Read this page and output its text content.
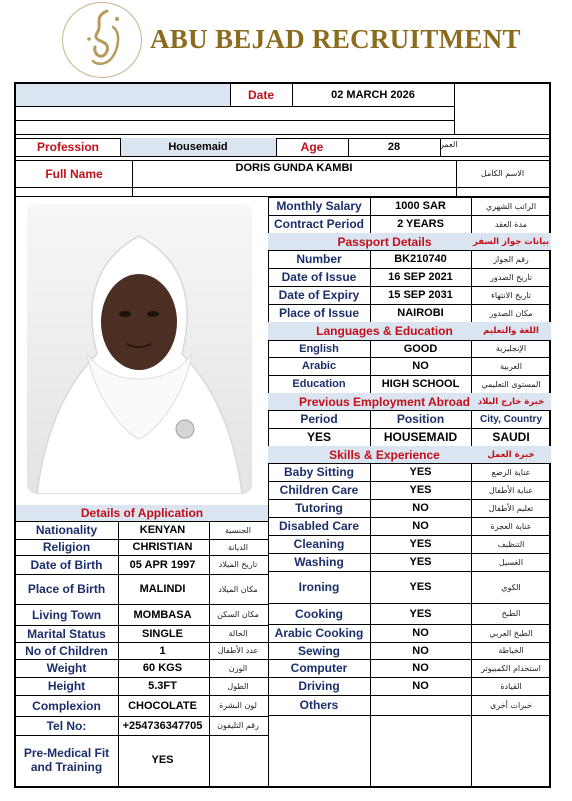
ABU BEJAD RECRUITMENT
Date	02 MARCH 2026
Profession	Housemaid	Age	28	العمر
Full Name	DORIS GUNDA KAMBI	الاسم الكامل
Details of Application
Monthly Salary	1000 SAR	الراتب الشهري
Contract Period	2 YEARS	مدة العقد
Passport Details	بيانات جواز السفر
Number	BK210740	رقم الجواز
Date of Issue	16 SEP 2021	تاريخ الصدور
Date of Expiry	15 SEP 2031	تاريخ الانتهاء
Place of Issue	NAIROBI	مكان الصدور
Languages & Education	اللغة والتعليم
English	GOOD	الإنجليزية
Arabic	NO	العربية
Education	HIGH SCHOOL	المستوى التعليمي
Previous Employment Abroad خبرة خارج البلاد
Period	Position	City, Country
YES	HOUSEMAID	SAUDI
Skills & Experience	خبرة العمل
Baby Sitting	YES	عناية الرضع
Children Care	YES	عناية الأطفال
Tutoring	NO	تعليم الأطفال
Disabled Care	NO	عناية العجزة
Cleaning	YES	التنظيف
Washing	YES	الغسيل
Ironing	YES	الكوي
Cooking	YES	الطبخ
Arabic Cooking	NO	الطبخ العربي
Sewing	NO	الخياطة
Computer	NO	استخدام الكمبيوتر
Driving	NO	القيادة
Others	خبرات أخرى
Nationality	KENYAN	الجنسية
Religion	CHRISTIAN	الديانة
Date of Birth	05 APR 1997	تاريخ الميلاد
Place of Birth	MALINDI	مكان الميلاد
Living Town	MOMBASA	مكان السكن
Marital Status	SINGLE	الحالة
No of Children	1	عدد الأطفال
Weight	60 KGS	الوزن
Height	5.3FT	الطول
Complexion	CHOCOLATE	لون البشرة
Tel No:	+254736347705	رقم التليفون
Pre-Medical Fit and Training	YES
